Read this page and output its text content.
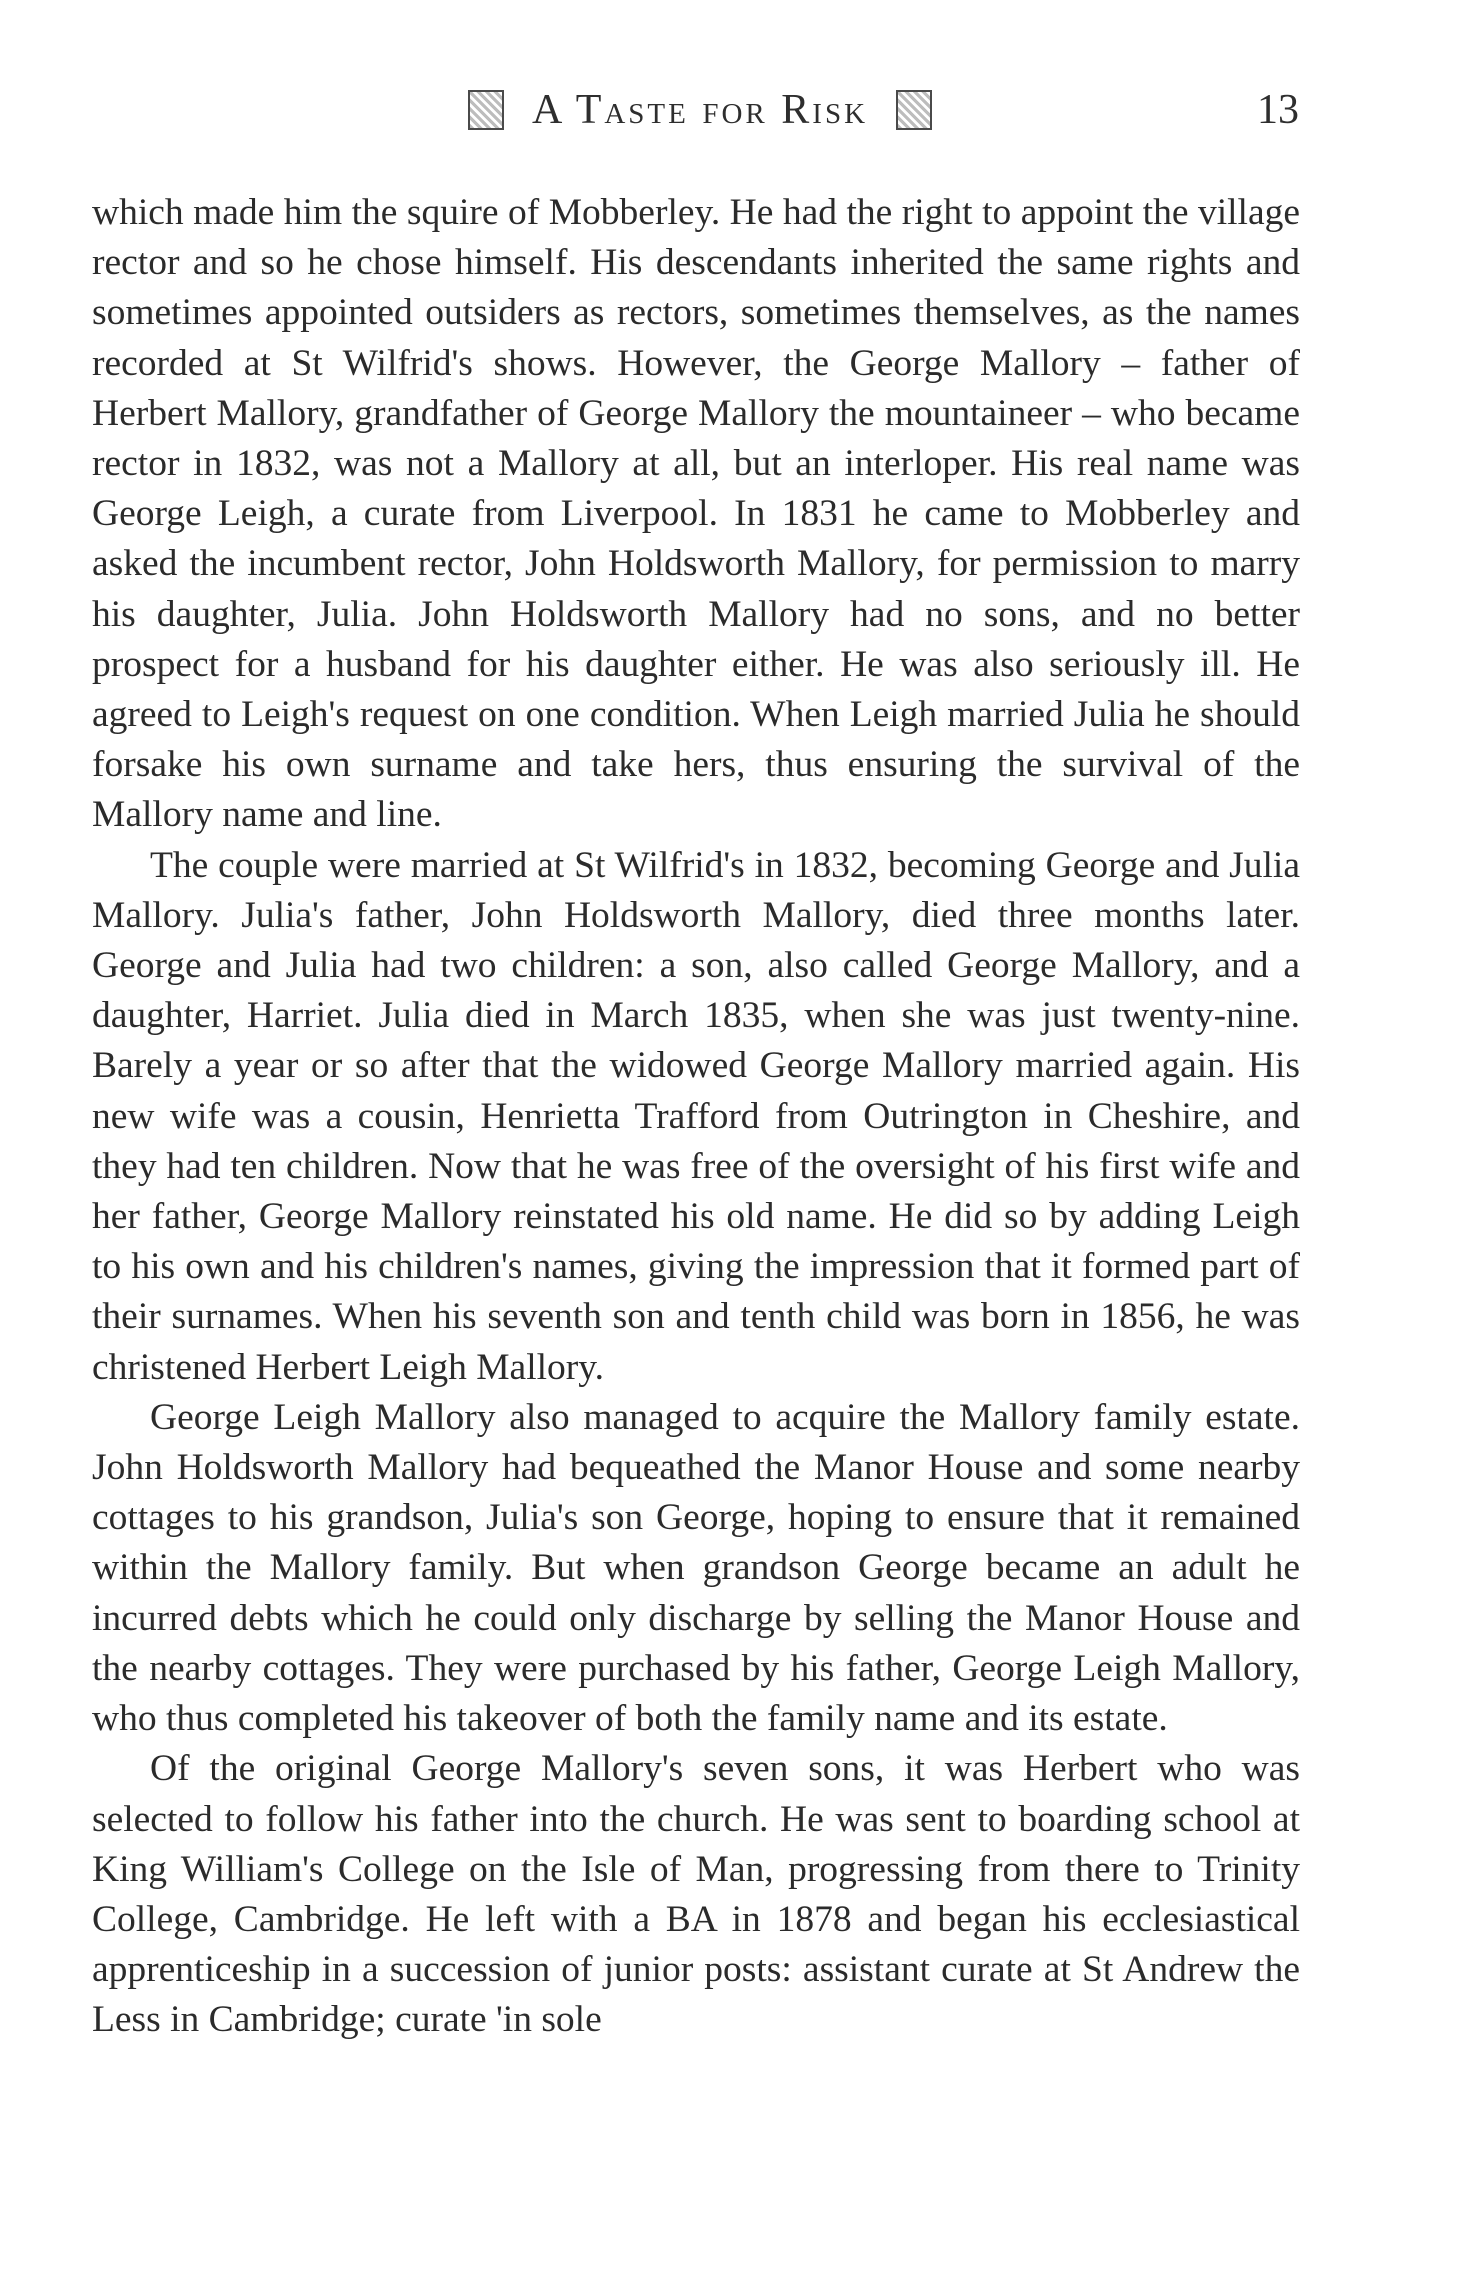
A Taste for Risk	13

which made him the squire of Mobberley. He had the right to appoint the village rector and so he chose himself. His descendants inherited the same rights and sometimes appointed outsiders as rectors, sometimes themselves, as the names recorded at St Wilfrid's shows. However, the George Mallory – father of Herbert Mallory, grandfather of George Mallory the mountaineer – who became rector in 1832, was not a Mallory at all, but an interloper. His real name was George Leigh, a curate from Liverpool. In 1831 he came to Mobberley and asked the incumbent rector, John Holdsworth Mallory, for permission to marry his daughter, Julia. John Holdsworth Mallory had no sons, and no better prospect for a husband for his daughter either. He was also seriously ill. He agreed to Leigh's request on one condition. When Leigh married Julia he should forsake his own surname and take hers, thus ensuring the survival of the Mallory name and line.

The couple were married at St Wilfrid's in 1832, becoming George and Julia Mallory. Julia's father, John Holdsworth Mallory, died three months later. George and Julia had two children: a son, also called George Mallory, and a daughter, Harriet. Julia died in March 1835, when she was just twenty-nine. Barely a year or so after that the widowed George Mallory married again. His new wife was a cousin, Henrietta Trafford from Outrington in Cheshire, and they had ten children. Now that he was free of the oversight of his first wife and her father, George Mallory reinstated his old name. He did so by adding Leigh to his own and his children's names, giving the impression that it formed part of their surnames. When his seventh son and tenth child was born in 1856, he was christened Herbert Leigh Mallory.

George Leigh Mallory also managed to acquire the Mallory family estate. John Holdsworth Mallory had bequeathed the Manor House and some nearby cottages to his grandson, Julia's son George, hoping to ensure that it remained within the Mallory family. But when grandson George became an adult he incurred debts which he could only discharge by selling the Manor House and the nearby cottages. They were purchased by his father, George Leigh Mallory, who thus completed his takeover of both the family name and its estate.

Of the original George Mallory's seven sons, it was Herbert who was selected to follow his father into the church. He was sent to boarding school at King William's College on the Isle of Man, progressing from there to Trinity College, Cambridge. He left with a BA in 1878 and began his ecclesiastical apprenticeship in a succession of junior posts: assistant curate at St Andrew the Less in Cambridge; curate 'in sole
